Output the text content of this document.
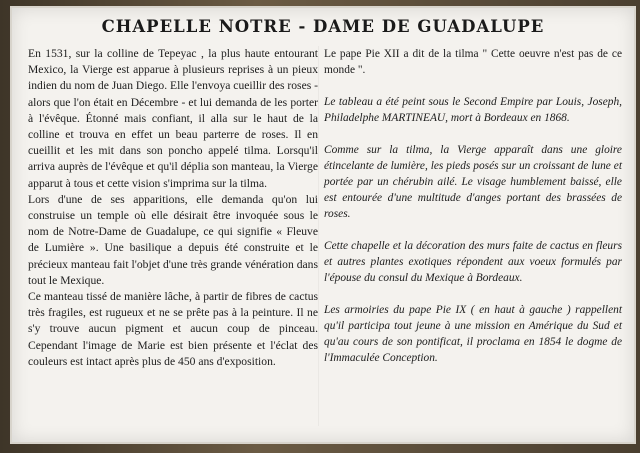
CHAPELLE NOTRE - DAME DE GUADALUPE

En 1531, sur la colline de Tepeyac , la plus haute entourant Mexico, la Vierge est apparue à plusieurs reprises à un pieux indien du nom de Juan Diego. Elle l'envoya cueillir des roses - alors que l'on était en Décembre - et lui demanda de les porter à l'évêque. Étonné mais confiant, il alla sur le haut de la colline et trouva en effet un beau parterre de roses. Il en cueillit et les mit dans son poncho appelé tilma. Lorsqu'il arriva auprès de l'évêque et qu'il déplia son manteau, la Vierge apparut à tous et cette vision s'imprima sur la tilma.

Lors d'une de ses apparitions, elle demanda qu'on lui construise un temple où elle désirait être invoquée sous le nom de Notre-Dame de Guadalupe, ce qui signifie « Fleuve de Lumière ». Une basilique a depuis été construite et le précieux manteau fait l'objet d'une très grande vénération dans tout le Mexique.

Ce manteau tissé de manière lâche, à partir de fibres de cactus très fragiles, est rugueux et ne se prête pas à la peinture. Il ne s'y trouve aucun pigment et aucun coup de pinceau. Cependant l'image de Marie est bien présente et l'éclat des couleurs est intact après plus de 450 ans d'exposition.

Le pape Pie XII a dit de la tilma " Cette oeuvre n'est pas de ce monde ".

Le tableau a été peint sous le Second Empire par Louis, Joseph, Philadelphe MARTINEAU, mort à Bordeaux en 1868.

Comme sur la tilma, la Vierge apparaît dans une gloire étincelante de lumière, les pieds posés sur un croissant de lune et portée par un chérubin ailé. Le visage humblement baissé, elle est entourée d'une multitude d'anges portant des brassées de roses.

Cette chapelle et la décoration des murs faite de cactus en fleurs et autres plantes exotiques répondent aux voeux formulés par l'épouse du consul du Mexique à Bordeaux.

Les armoiries du pape Pie IX ( en haut à gauche ) rappellent qu'il participa tout jeune à une mission en Amérique du Sud et qu'au cours de son pontificat, il proclama en 1854 le dogme de l'Immaculée Conception.
